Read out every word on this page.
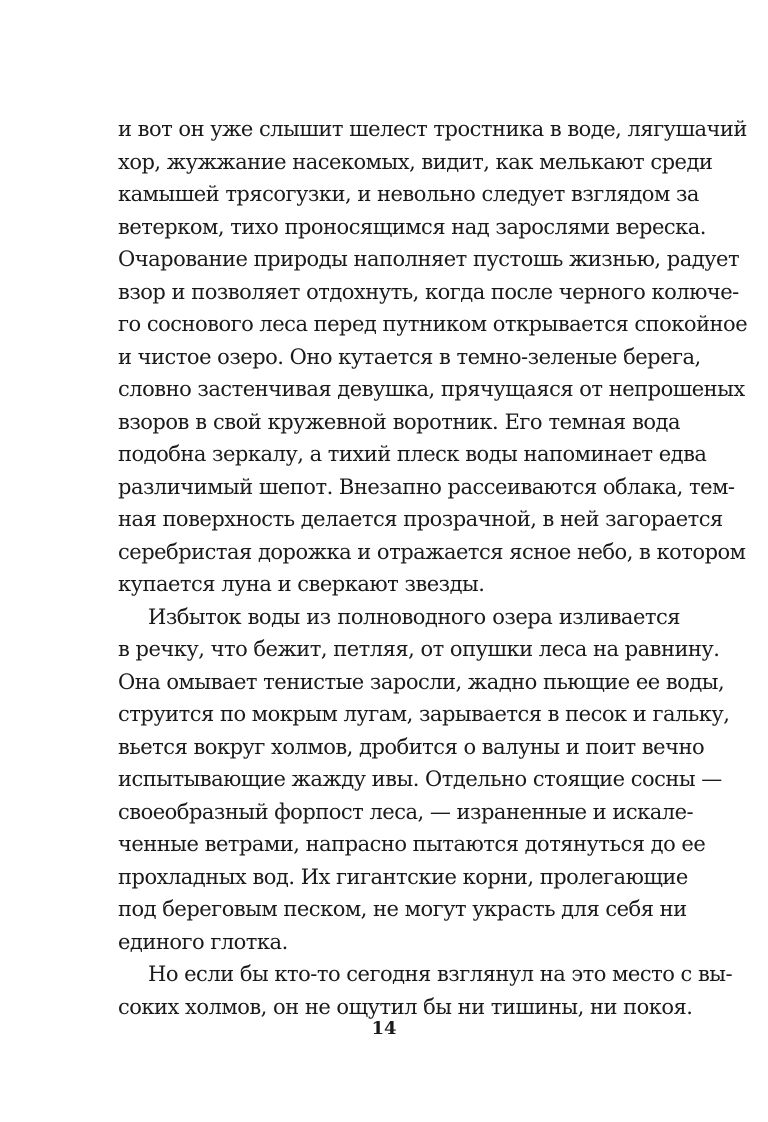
и вот он уже слышит шелест тростника в воде, лягушачий
хор, жужжание насекомых, видит, как мелькают среди
камышей трясогузки, и невольно следует взглядом за
ветерком, тихо проносящимся над зарослями вереска.
Очарование природы наполняет пустошь жизнью, радует
взор и позволяет отдохнуть, когда после черного колюче-
го соснового леса перед путником открывается спокойное
и чистое озеро. Оно кутается в темно-зеленые берега,
словно застенчивая девушка, прячущаяся от непрошеных
взоров в свой кружевной воротник. Его темная вода
подобна зеркалу, а тихий плеск воды напоминает едва
различимый шепот. Внезапно рассеиваются облака, тем-
ная поверхность делается прозрачной, в ней загорается
серебристая дорожка и отражается ясное небо, в котором
купается луна и сверкают звезды.
Избыток воды из полноводного озера изливается
в речку, что бежит, петляя, от опушки леса на равнину.
Она омывает тенистые заросли, жадно пьющие ее воды,
струится по мокрым лугам, зарывается в песок и гальку,
вьется вокруг холмов, дробится о валуны и поит вечно
испытывающие жажду ивы. Отдельно стоящие сосны —
своеобразный форпост леса, — израненные и искале-
ченные ветрами, напрасно пытаются дотянуться до ее
прохладных вод. Их гигантские корни, пролегающие
под береговым песком, не могут украсть для себя ни
единого глотка.
Но если бы кто-то сегодня взглянул на это место с вы-
соких холмов, он не ощутил бы ни тишины, ни покоя.
14
